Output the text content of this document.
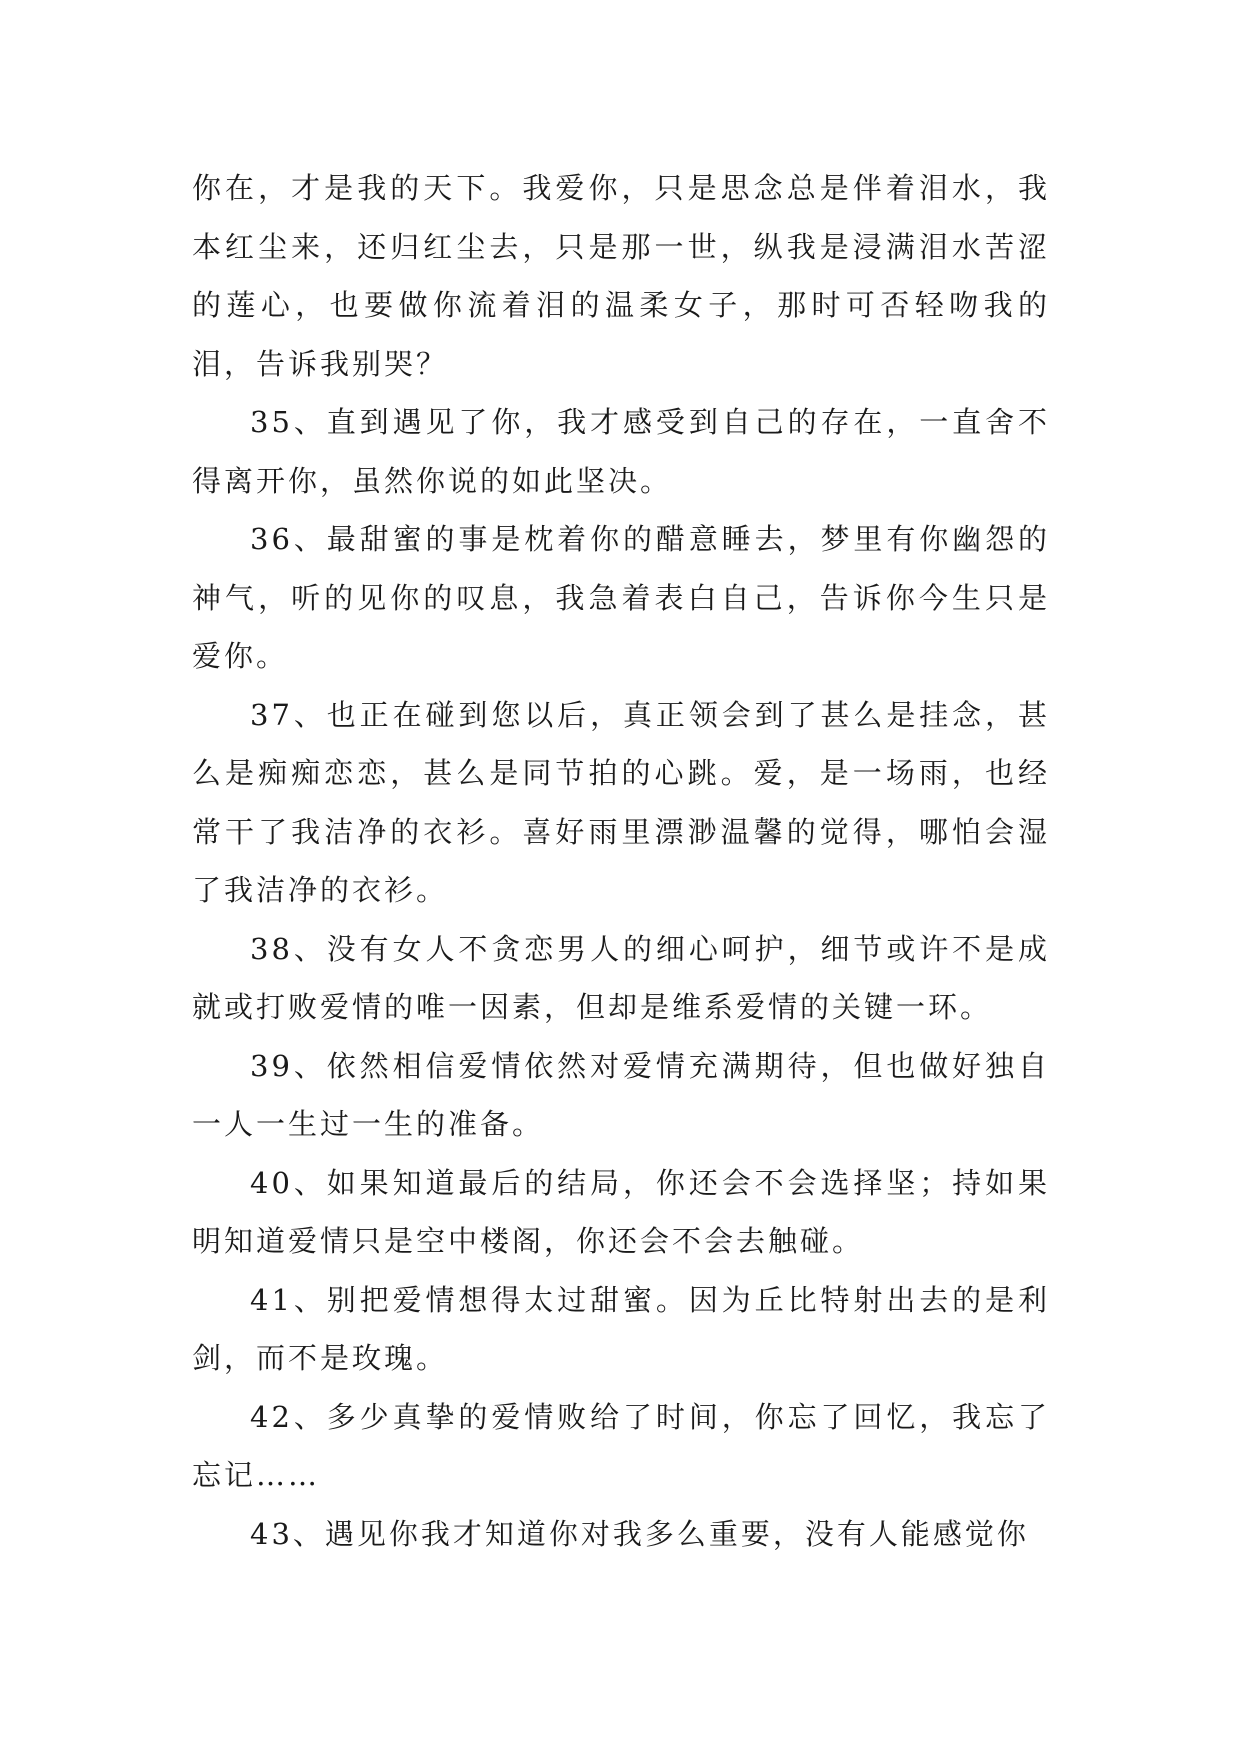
你在，才是我的天下。我爱你，只是思念总是伴着泪水，我本红尘来，还归红尘去，只是那一世，纵我是浸满泪水苦涩的莲心，也要做你流着泪的温柔女子，那时可否轻吻我的泪，告诉我别哭？

35、直到遇见了你，我才感受到自己的存在，一直舍不得离开你，虽然你说的如此坚决。

36、最甜蜜的事是枕着你的醋意睡去，梦里有你幽怨的神气，听的见你的叹息，我急着表白自己，告诉你今生只是爱你。

37、也正在碰到您以后，真正领会到了甚么是挂念，甚么是痴痴恋恋，甚么是同节拍的心跳。爱，是一场雨，也经常干了我洁净的衣衫。喜好雨里漂渺温馨的觉得，哪怕会湿了我洁净的衣衫。

38、没有女人不贪恋男人的细心呵护，细节或许不是成就或打败爱情的唯一因素，但却是维系爱情的关键一环。

39、依然相信爱情依然对爱情充满期待，但也做好独自一人一生过一生的准备。

40、如果知道最后的结局，你还会不会选择坚；持如果明知道爱情只是空中楼阁，你还会不会去触碰。

41、别把爱情想得太过甜蜜。因为丘比特射出去的是利剑，而不是玫瑰。

42、多少真挚的爱情败给了时间，你忘了回忆，我忘了忘记……

43、遇见你我才知道你对我多么重要，没有人能感觉你
